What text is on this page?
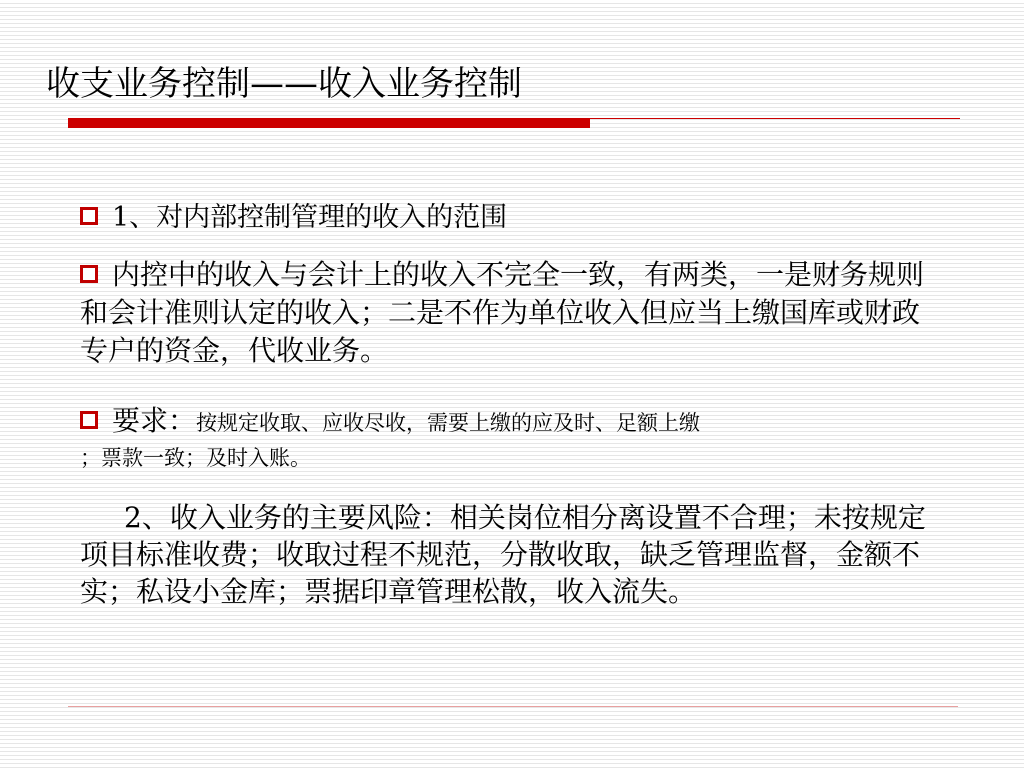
收支业务控制——收入业务控制
1、对内部控制管理的收入的范围
内控中的收入与会计上的收入不完全一致，有两类，一是财务规则和会计准则认定的收入；二是不作为单位收入但应当上缴国库或财政专户的资金，代收业务。
要求：按规定收取、应收尽收，需要上缴的应及时、足额上缴
；票款一致；及时入账。
2、收入业务的主要风险：相关岗位相分离设置不合理；未按规定项目标准收费；收取过程不规范，分散收取，缺乏管理监督，金额不实；私设小金库；票据印章管理松散，收入流失。
